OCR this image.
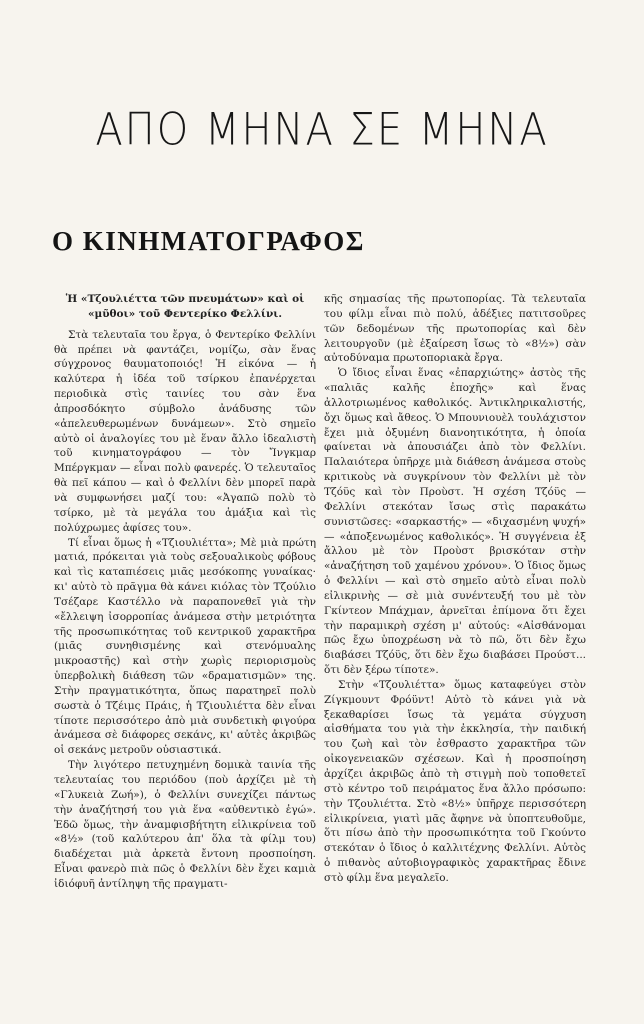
ΑΠΟ ΜΗΝΑ ΣΕ ΜΗΝΑ
Ο ΚΙΝΗΜΑΤΟΓΡΑΦΟΣ

Ἡ «Τζουλιέττα τῶν πνευμάτων» καὶ οἱ «μῦθοι» τοῦ Φεντερίκο Φελλίνι.

Στὰ τελευταῖα του ἔργα, ὁ Φεντερίκο Φελλίνι θὰ πρέπει νὰ φαντάζει, νομίζω, σὰν ἕνας σύγχρονος θαυματοποιός! Ἡ εἰκόνα — ἡ καλύτερα ἡ ἰδέα τοῦ τσίρκου ἐπανέρχεται περιοδικὰ στὶς ταινίες του σὰν ἕνα ἀπροσδόκητο σύμβολο ἀνάδυσης τῶν «ἀπελευθερωμένων δυνάμεων». Στὸ σημεῖο αὐτὸ οἱ ἀναλογίες του μὲ ἕναν ἄλλο ἰδεαλιστὴ τοῦ κινηματογράφου — τὸν Ἴνγκμαρ Μπέργκμαν — εἶναι πολὺ φανερές. Ὁ τελευταῖος θὰ πεῖ κάπου — καὶ ὁ Φελλίνι δὲν μπορεῖ παρὰ νὰ συμφωνήσει μαζί του: «Ἀγαπῶ πολὺ τὸ τσίρκο, μὲ τὰ μεγάλα του ἁμάξια καὶ τὶς πολύχρωμες ἀφίσες του».

Τί εἶναι ὅμως ἡ «Τζιουλιέττα»; Μὲ μιὰ πρώτη ματιά, πρόκειται γιὰ τοὺς σεξουαλικοὺς φόβους καὶ τὶς καταπιέσεις μιᾶς μεσόκοπης γυναίκας· κι' αὐτὸ τὸ πρᾶγμα θὰ κάνει κιόλας τὸν Τζούλιο Τσέζαρε Καστέλλο νὰ παραπονεθεῖ γιὰ τὴν «ἔλλειψη ἰσορροπίας ἀνάμεσα στὴν μετριότητα τῆς προσωπικότητας τοῦ κεντρικοῦ χαρακτῆρα (μιᾶς συνηθισμένης καὶ στενόμυαλης μικροαστῆς) καὶ στὴν χωρὶς περιορισμοὺς ὑπερβολικὴ διάθεση τῶν «δραματισμῶν» της. Στὴν πραγματικότητα, ὅπως παρατηρεῖ πολὺ σωστὰ ὁ Τζέιμς Πράις, ἡ Τζιουλιέττα δὲν εἶναι τίποτε περισσότερο ἀπὸ μιὰ συνδετικὴ φιγούρα ἀνάμεσα σὲ διάφορες σεκάνς, κι' αὐτὲς ἀκριβῶς οἱ σεκάνς μετροῦν οὐσιαστικά.

Τὴν λιγότερο πετυχημένη δομικὰ ταινία τῆς τελευταίας του περιόδου (ποὺ ἀρχίζει μὲ τὴ «Γλυκειὰ Ζωή»), ὁ Φελλίνι συνεχίζει πάντως τὴν ἀναζήτησή του γιὰ ἕνα «αὐθεντικὸ ἐγώ». Ἐδῶ ὅμως, τὴν ἀναμφισβήτητη εἰλικρίνεια τοῦ «8½» (τοῦ καλύτερου ἀπ' ὅλα τὰ φίλμ του) διαδέχεται μιὰ ἀρκετὰ ἔντονη προσποίηση. Εἶναι φανερὸ πιὰ πῶς ὁ Φελλίνι δὲν ἔχει καμιὰ ἰδιόφυῆ ἀντίληψη τῆς πραγματι-

κῆς σημασίας τῆς πρωτοπορίας. Τὰ τελευταῖα του φίλμ εἶναι πιὸ πολύ, ἀδέξιες πατιτσοῦρες τῶν δεδομένων τῆς πρωτοπορίας καὶ δὲν λειτουργοῦν (μὲ ἐξαίρεση ἴσως τὸ «8½») σὰν αὐτοδύναμα πρωτοποριακὰ ἔργα.

Ὁ ἴδιος εἶναι ἕνας «ἐπαρχιώτης» ἀστὸς τῆς «παλιᾶς καλῆς ἐποχῆς» καὶ ἕνας ἀλλοτριωμένος καθολικός. Ἀντικληρικαλιστής, ὄχι ὅμως καὶ ἄθεος. Ὁ Μπουνιουὲλ τουλάχιστον ἔχει μιὰ ὀξυμένη διανοητικότητα, ἡ ὁποία φαίνεται νὰ ἀπουσιάζει ἀπὸ τὸν Φελλίνι. Παλαιότερα ὑπῆρχε μιὰ διάθεση ἀνάμεσα στοὺς κριτικοὺς νὰ συγκρίνουν τὸν Φελλίνι μὲ τὸν Τζόϋς καὶ τὸν Προὺστ. Ἡ σχέση Τζόϋς — Φελλίνι στεκόταν ἴσως στὶς παρακάτω συνιστῶσες: «σαρκαστής» — «διχασμένη ψυχή» — «ἀποξενωμένος καθολικός». Ἡ συγγένεια ἐξ ἄλλου μὲ τὸν Προὺστ βρισκόταν στὴν «ἀναζήτηση τοῦ χαμένου χρόνου». Ὁ ἴδιος ὅμως ὁ Φελλίνι — καὶ στὸ σημεῖο αὐτὸ εἶναι πολὺ εἰλικρινὴς — σὲ μιὰ συνέντευξή του μὲ τὸν Γκίντεον Μπάχμαν, ἀρνεῖται ἐπίμονα ὅτι ἔχει τὴν παραμικρὴ σχέση μ' αὐτούς: «Αἰσθάνομαι πῶς ἔχω ὑποχρέωση νὰ τὸ πῶ, ὅτι δὲν ἔχω διαβάσει Τζόϋς, ὅτι δὲν ἔχω διαβάσει Προύστ... ὅτι δὲν ξέρω τίποτε».

Στὴν «Τζουλιέττα» ὅμως καταφεύγει στὸν Ζίγκμουντ Φρόϋντ! Αὐτὸ τὸ κάνει γιὰ νὰ ξεκαθαρίσει ἴσως τὰ γεμάτα σύγχυση αἰσθήματα του γιὰ τὴν ἐκκλησία, τὴν παιδική του ζωὴ καὶ τὸν ἐσθραστο χαρακτῆρα τῶν οἰκογενειακῶν σχέσεων. Καὶ ἡ προσποίηση ἀρχίζει ἀκριβῶς ἀπὸ τὴ στιγμὴ ποὺ τοποθετεῖ στὸ κέντρο τοῦ πειράματος ἕνα ἄλλο πρόσωπο: τὴν Τζουλιέττα. Στὸ «8½» ὑπῆρχε περισσότερη εἰλικρίνεια, γιατὶ μᾶς ἄφηνε νὰ ὑποπτευθοῦμε, ὅτι πίσω ἀπὸ τὴν προσωπικότητα τοῦ Γκούντο στεκόταν ὁ ἴδιος ὁ καλλιτέχνης Φελλίνι. Αὐτὸς ὁ πιθανὸς αὐτοβιογραφικὸς χαρακτῆρας ἔδινε στὸ φίλμ ἕνα μεγαλεῖο.
